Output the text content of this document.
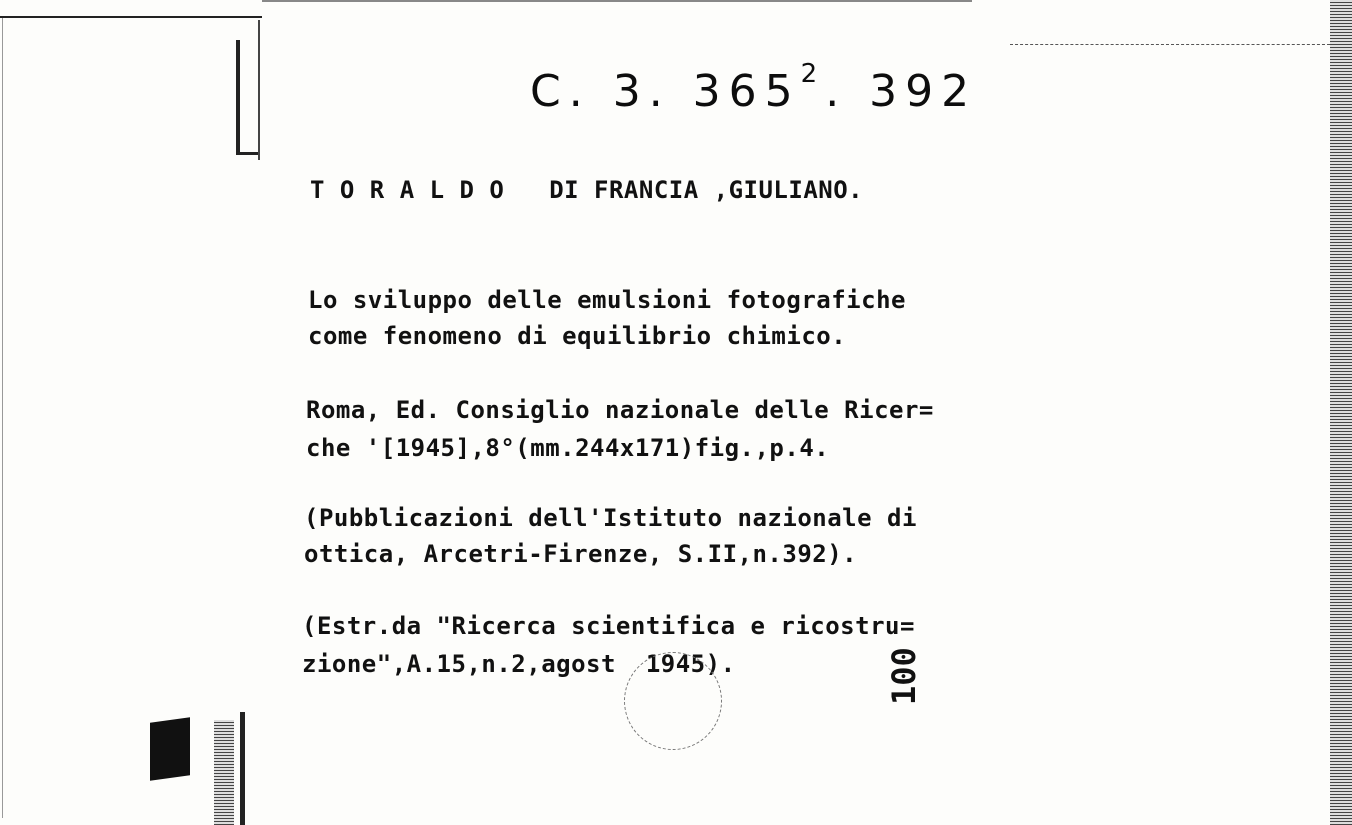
C. 3. $365^2$. 392
T O R A L D O   DI FRANCIA ,GIULIANO.
Lo sviluppo delle emulsioni fotografiche
come fenomeno di equilibrio chimico.
Roma, Ed. Consiglio nazionale delle Ricer=
che '[1945],8°(mm.244x171)fig.,p.4.
(Pubblicazioni dell'Istituto nazionale di
ottica, Arcetri-Firenze, S.II,n.392).
(Estr.da "Ricerca scientifica e ricostru=
zione",A.15,n.2,agost  1945).	100
